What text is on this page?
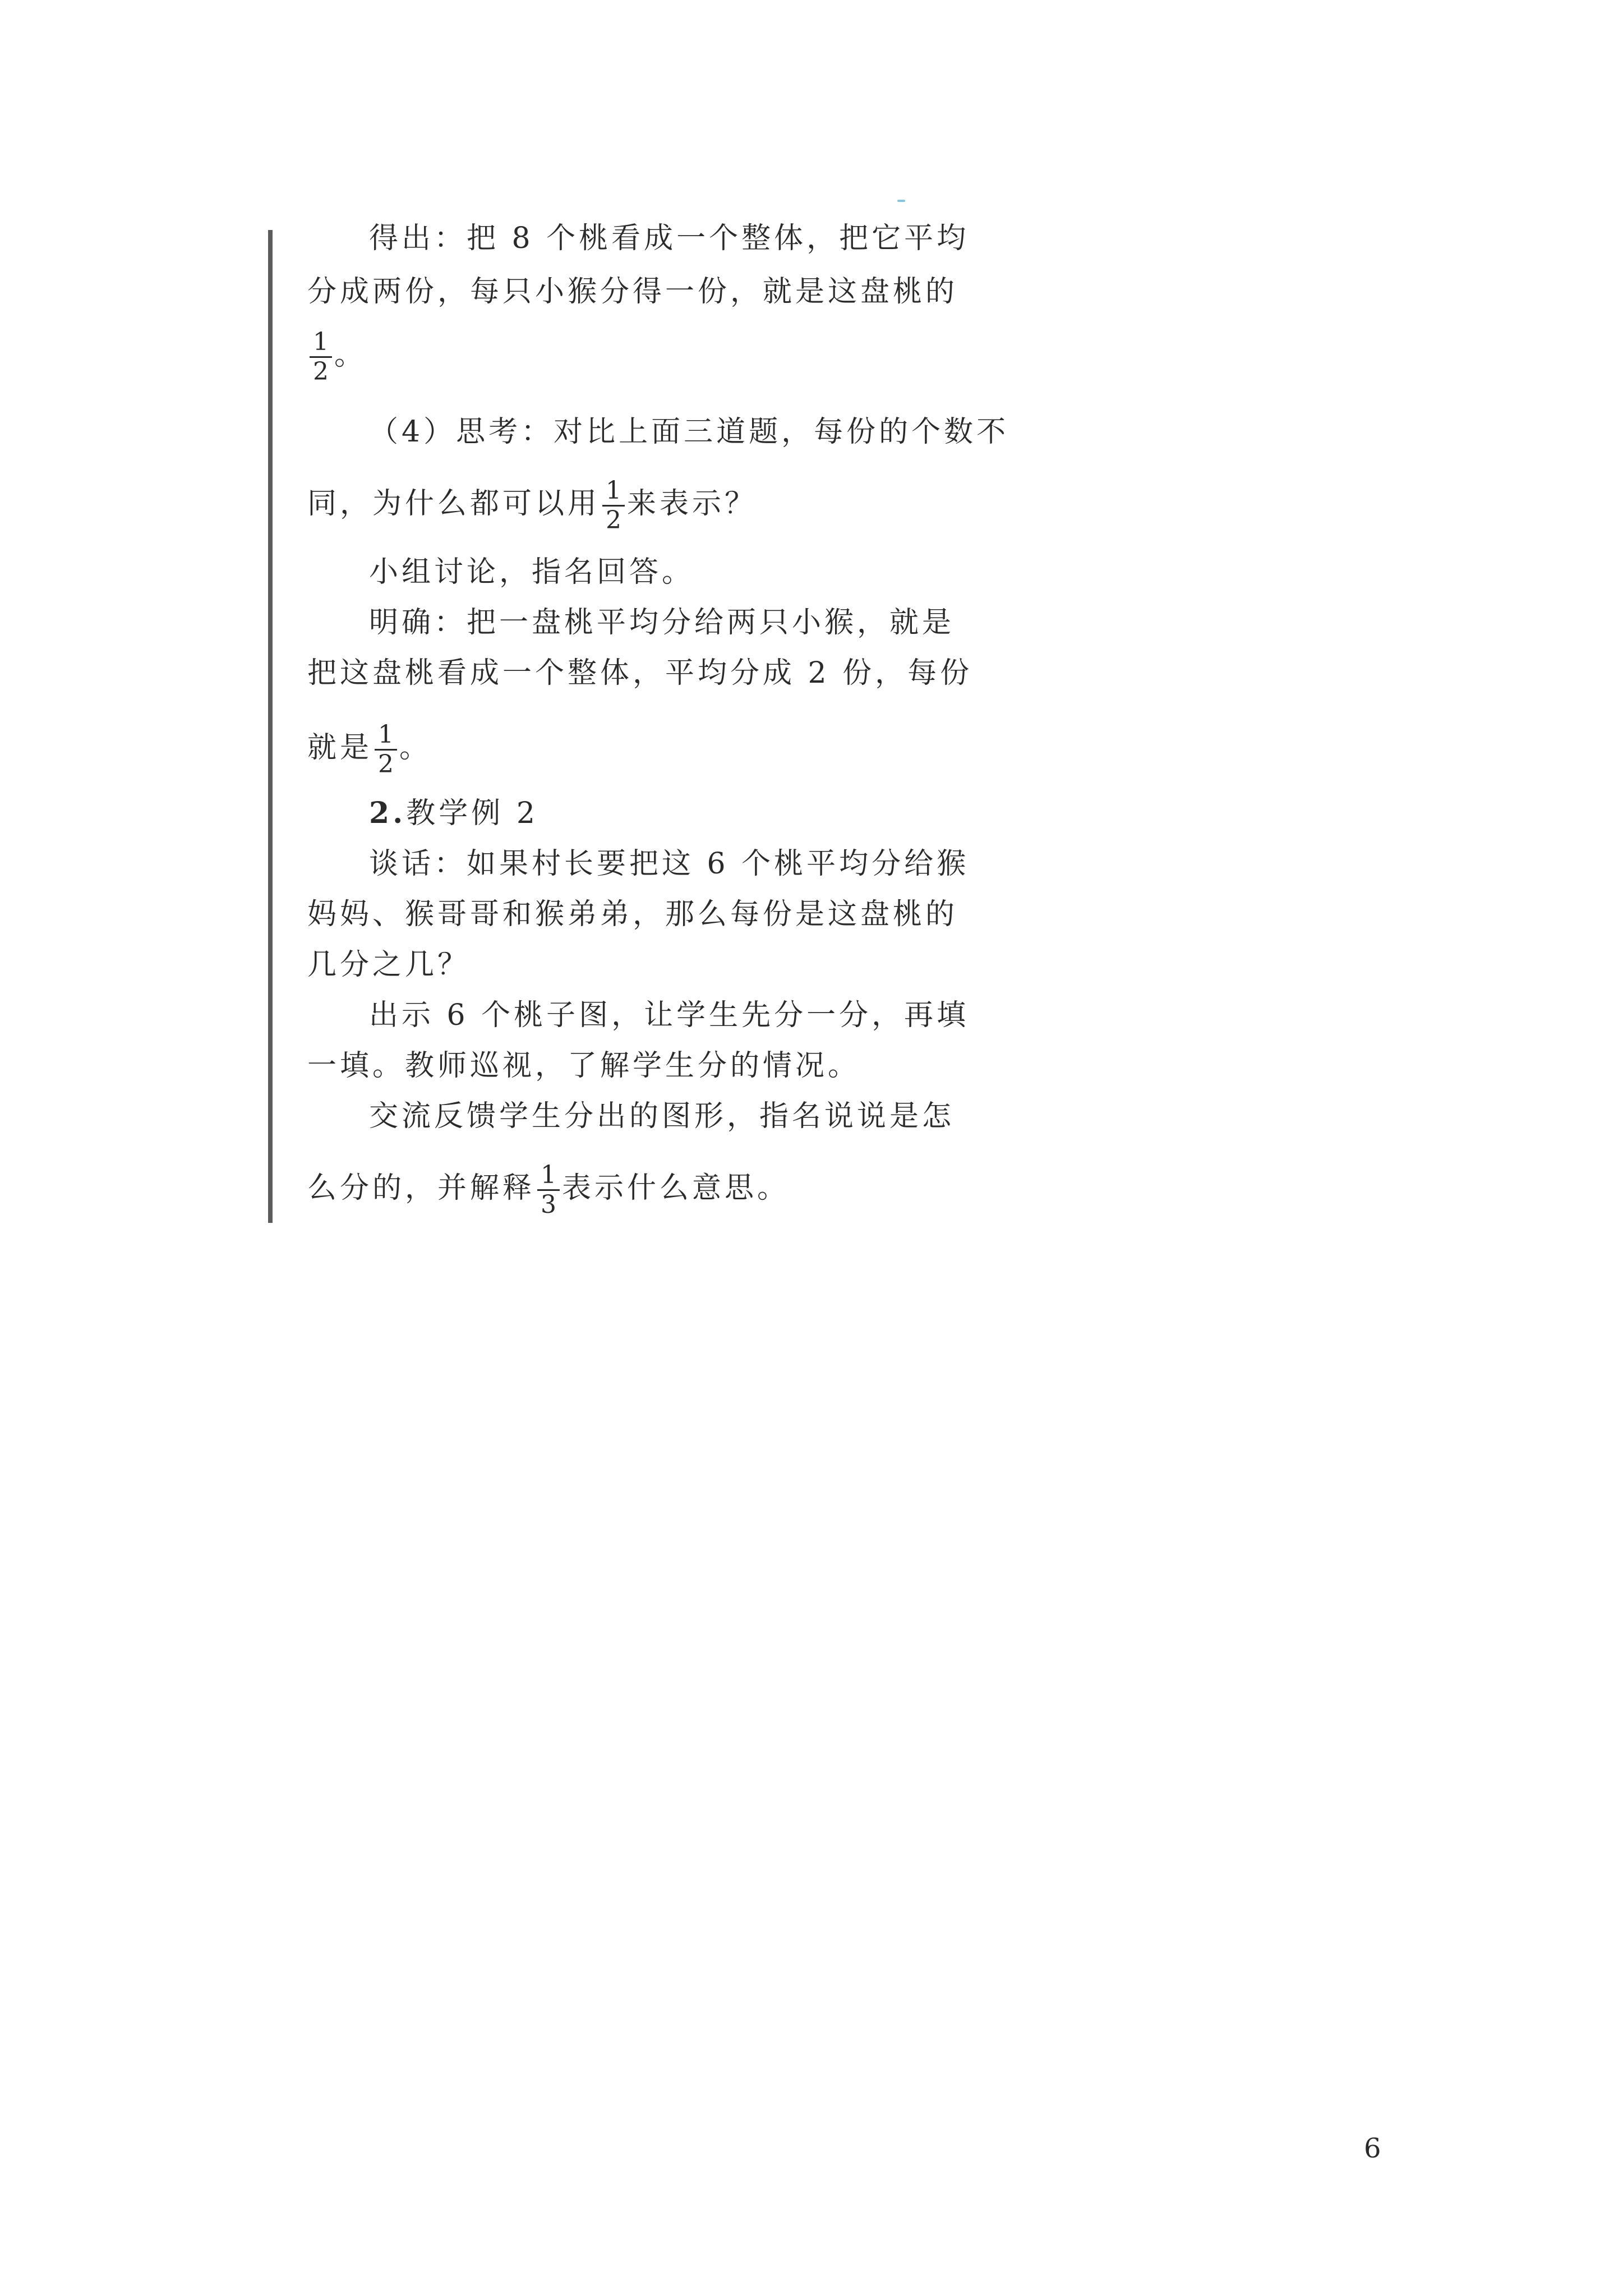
得出：把 8 个桃看成一个整体，把它平均
分成两份，每只小猴分得一份，就是这盘桃的
$\frac{1}{2}$ 。
（4）思考：对比上面三道题，每份的个数不
同，为什么都可以用 $\frac{1}{2}$ 来表示？
小组讨论，指名回答。
明确：把一盘桃平均分给两只小猴，就是
把这盘桃看成一个整体，平均分成 2 份，每份
就是 $\frac{1}{2}$ 。
2.教学例 2
谈话：如果村长要把这 6 个桃平均分给猴
妈妈、猴哥哥和猴弟弟，那么每份是这盘桃的
几分之几？
出示 6 个桃子图，让学生先分一分，再填
一填。教师巡视，了解学生分的情况。
交流反馈学生分出的图形，指名说说是怎
么分的，并解释 $\frac{1}{3}$ 表示什么意思。
6
